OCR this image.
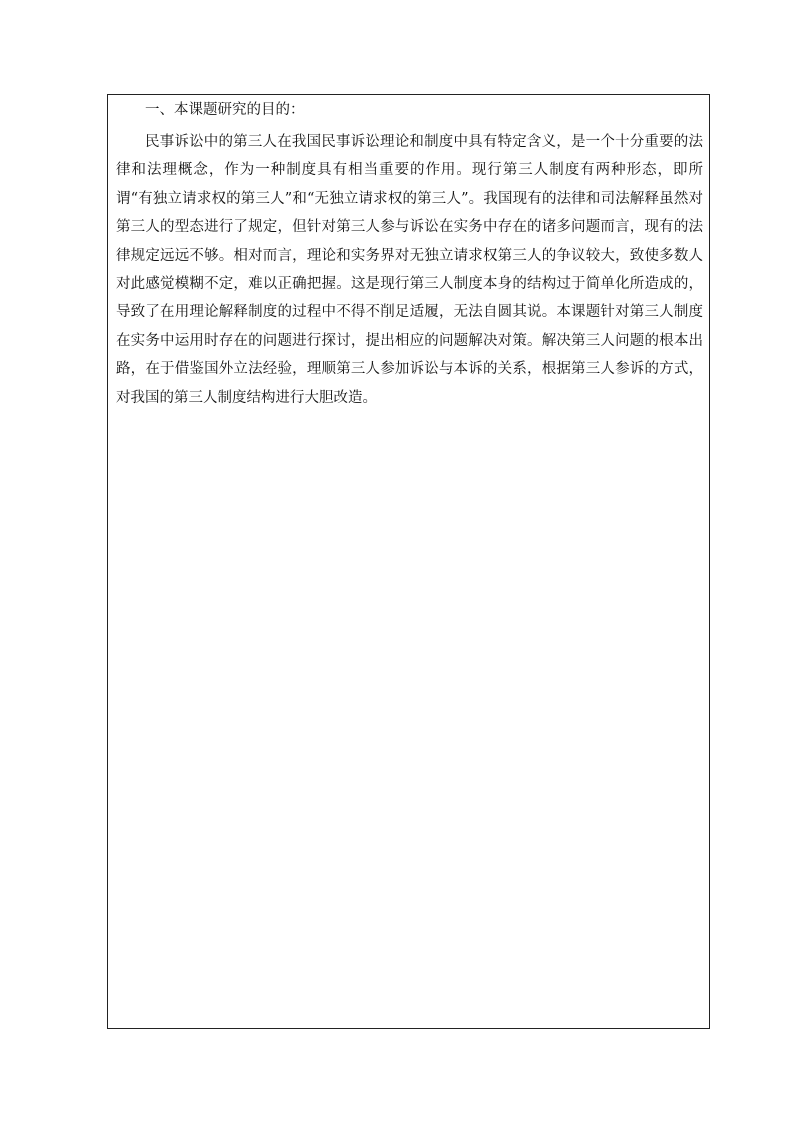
一、本课题研究的目的：

民事诉讼中的第三人在我国民事诉讼理论和制度中具有特定含义，是一个十分重要的法律和法理概念，作为一种制度具有相当重要的作用。现行第三人制度有两种形态，即所谓“有独立请求权的第三人”和“无独立请求权的第三人”。我国现有的法律和司法解释虽然对第三人的型态进行了规定，但针对第三人参与诉讼在实务中存在的诸多问题而言，现有的法律规定远远不够。相对而言，理论和实务界对无独立请求权第三人的争议较大，致使多数人对此感觉模糊不定，难以正确把握。这是现行第三人制度本身的结构过于简单化所造成的，导致了在用理论解释制度的过程中不得不削足适履，无法自圆其说。本课题针对第三人制度在实务中运用时存在的问题进行探讨，提出相应的问题解决对策。解决第三人问题的根本出路，在于借鉴国外立法经验，理顺第三人参加诉讼与本诉的关系，根据第三人参诉的方式，对我国的第三人制度结构进行大胆改造。
